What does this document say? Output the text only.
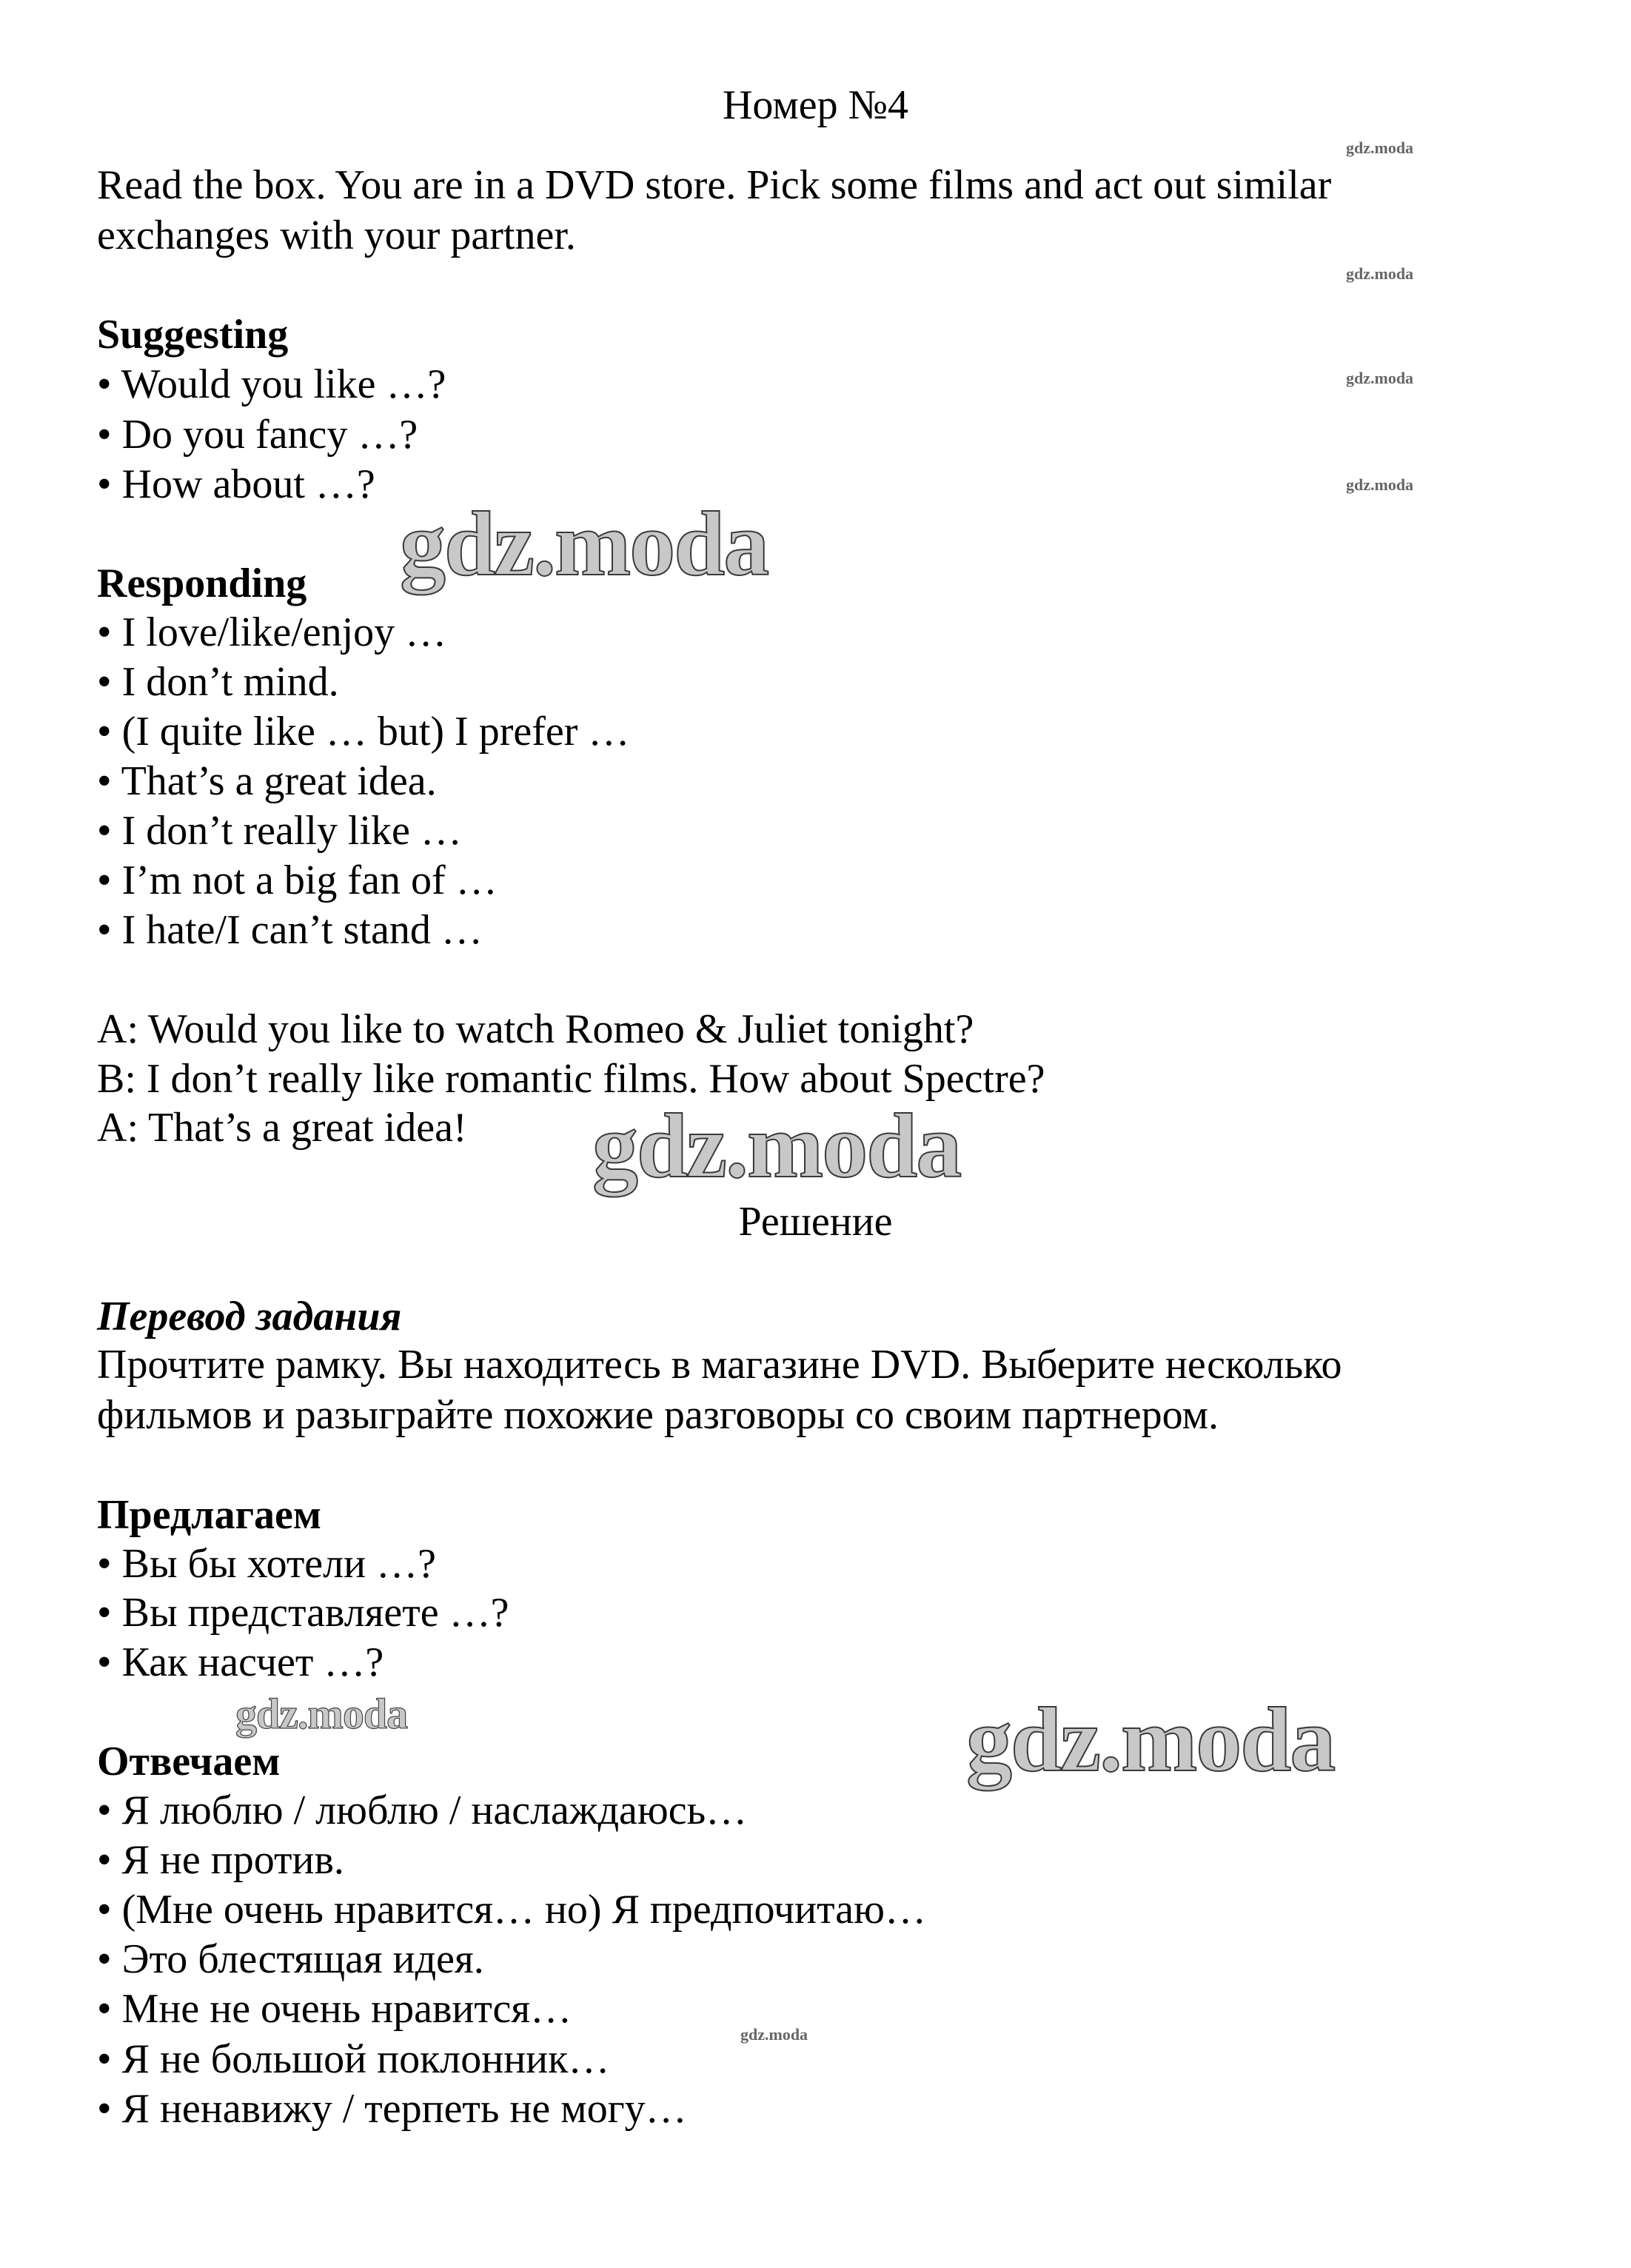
Номер №4
Read the box. You are in a DVD store. Pick some films and act out similar
exchanges with your partner.
Suggesting
• Would you like …?
• Do you fancy …?
• How about …?
Responding
• I love/like/enjoy …
• I don’t mind.
• (I quite like … but) I prefer …
• That’s a great idea.
• I don’t really like …
• I’m not a big fan of …
• I hate/I can’t stand …
A: Would you like to watch Romeo & Juliet tonight?
B: I don’t really like romantic films. How about Spectre?
A: That’s a great idea!
Решение
Перевод задания
Прочтите рамку. Вы находитесь в магазине DVD. Выберите несколько
фильмов и разыграйте похожие разговоры со своим партнером.
Предлагаем
• Вы бы хотели …?
• Вы представляете …?
• Как насчет …?
Отвечаем
• Я люблю / люблю / наслаждаюсь…
• Я не против.
• (Мне очень нравится… но) Я предпочитаю…
• Это блестящая идея.
• Мне не очень нравится…
• Я не большой поклонник…
• Я ненавижу / терпеть не могу…
gdz.moda
gdz.moda
gdz.moda
gdz.moda
gdz.moda
gdz.moda
gdz.moda
gdz.moda
gdz.moda
